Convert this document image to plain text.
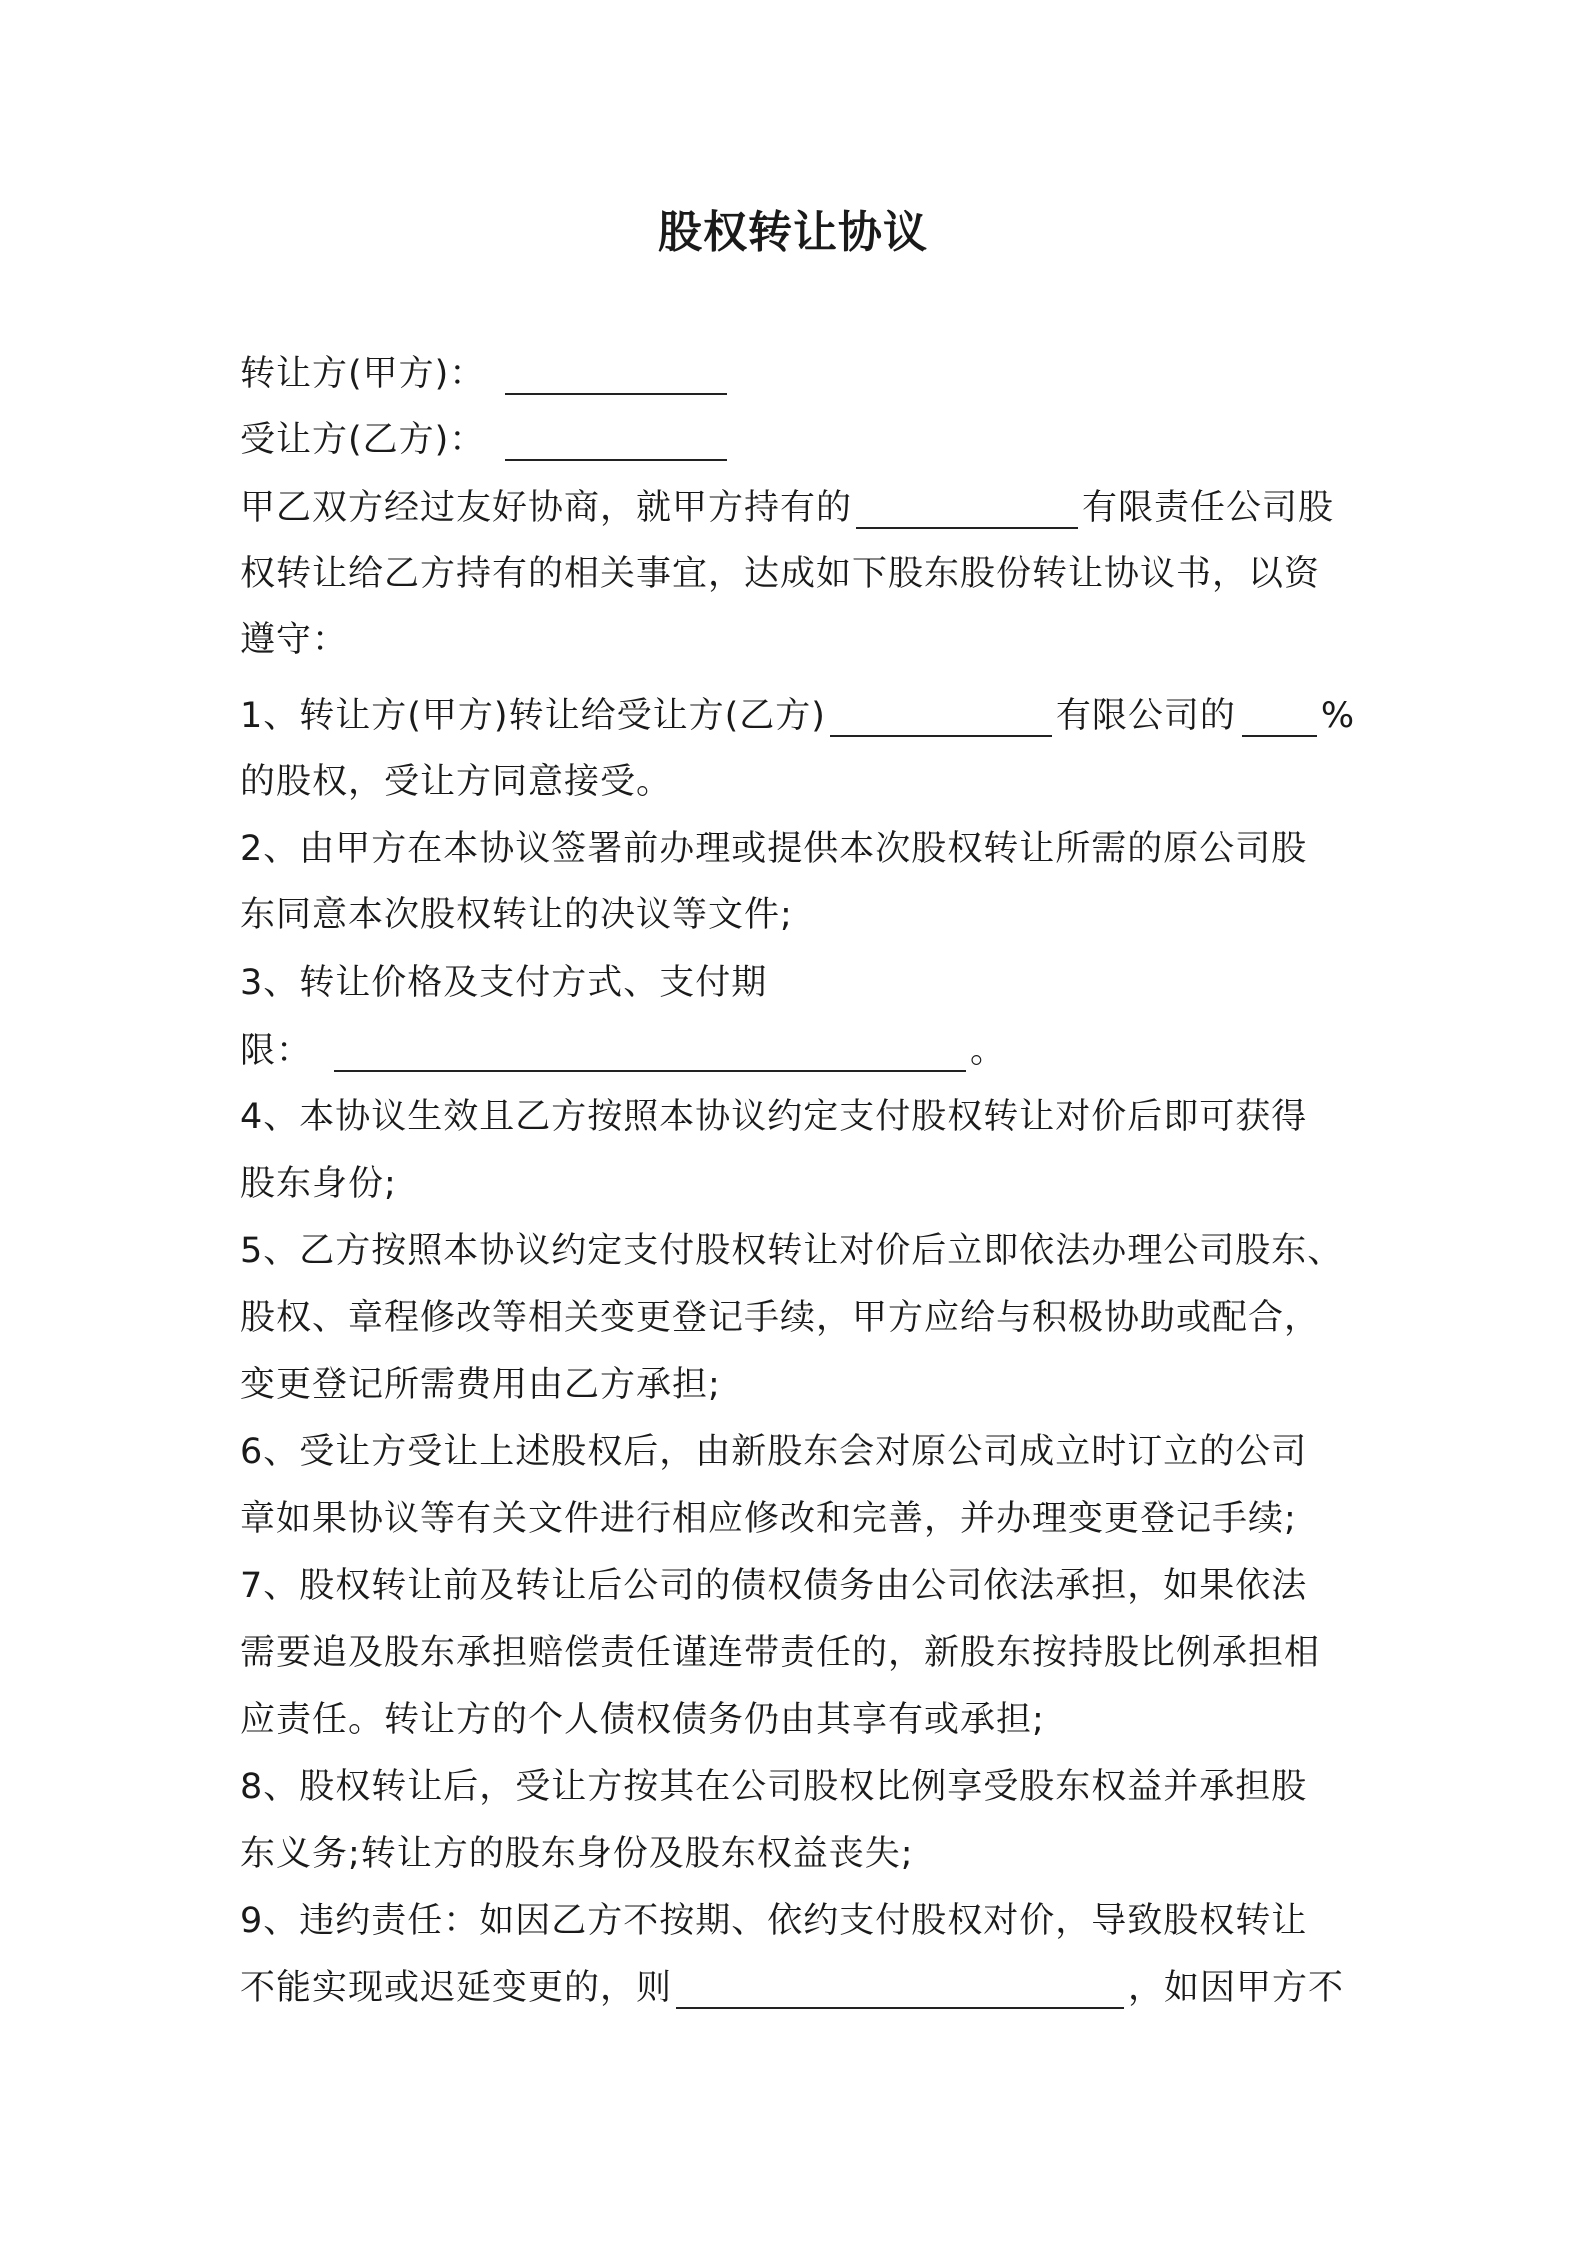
股权转让协议
转让方(甲方)：
受让方(乙方)：
甲乙双方经过友好协商，就甲方持有的	有限责任公司股
权转让给乙方持有的相关事宜，达成如下股东股份转让协议书，以资
遵守：
1、转让方(甲方)转让给受让方(乙方)	有限公司的 %
的股权，受让方同意接受。
2、由甲方在本协议签署前办理或提供本次股权转让所需的原公司股
东同意本次股权转让的决议等文件;
3、转让价格及支付方式、支付期
限：	。
4、本协议生效且乙方按照本协议约定支付股权转让对价后即可获得
股东身份;
5、乙方按照本协议约定支付股权转让对价后立即依法办理公司股东、
股权、章程修改等相关变更登记手续，甲方应给与积极协助或配合，
变更登记所需费用由乙方承担;
6、受让方受让上述股权后，由新股东会对原公司成立时订立的公司
章如果协议等有关文件进行相应修改和完善，并办理变更登记手续;
7、股权转让前及转让后公司的债权债务由公司依法承担，如果依法
需要追及股东承担赔偿责任谨连带责任的，新股东按持股比例承担相
应责任。转让方的个人债权债务仍由其享有或承担;
8、股权转让后，受让方按其在公司股权比例享受股东权益并承担股
东义务;转让方的股东身份及股东权益丧失;
9、违约责任：如因乙方不按期、依约支付股权对价，导致股权转让
不能实现或迟延变更的，则	，如因甲方不
